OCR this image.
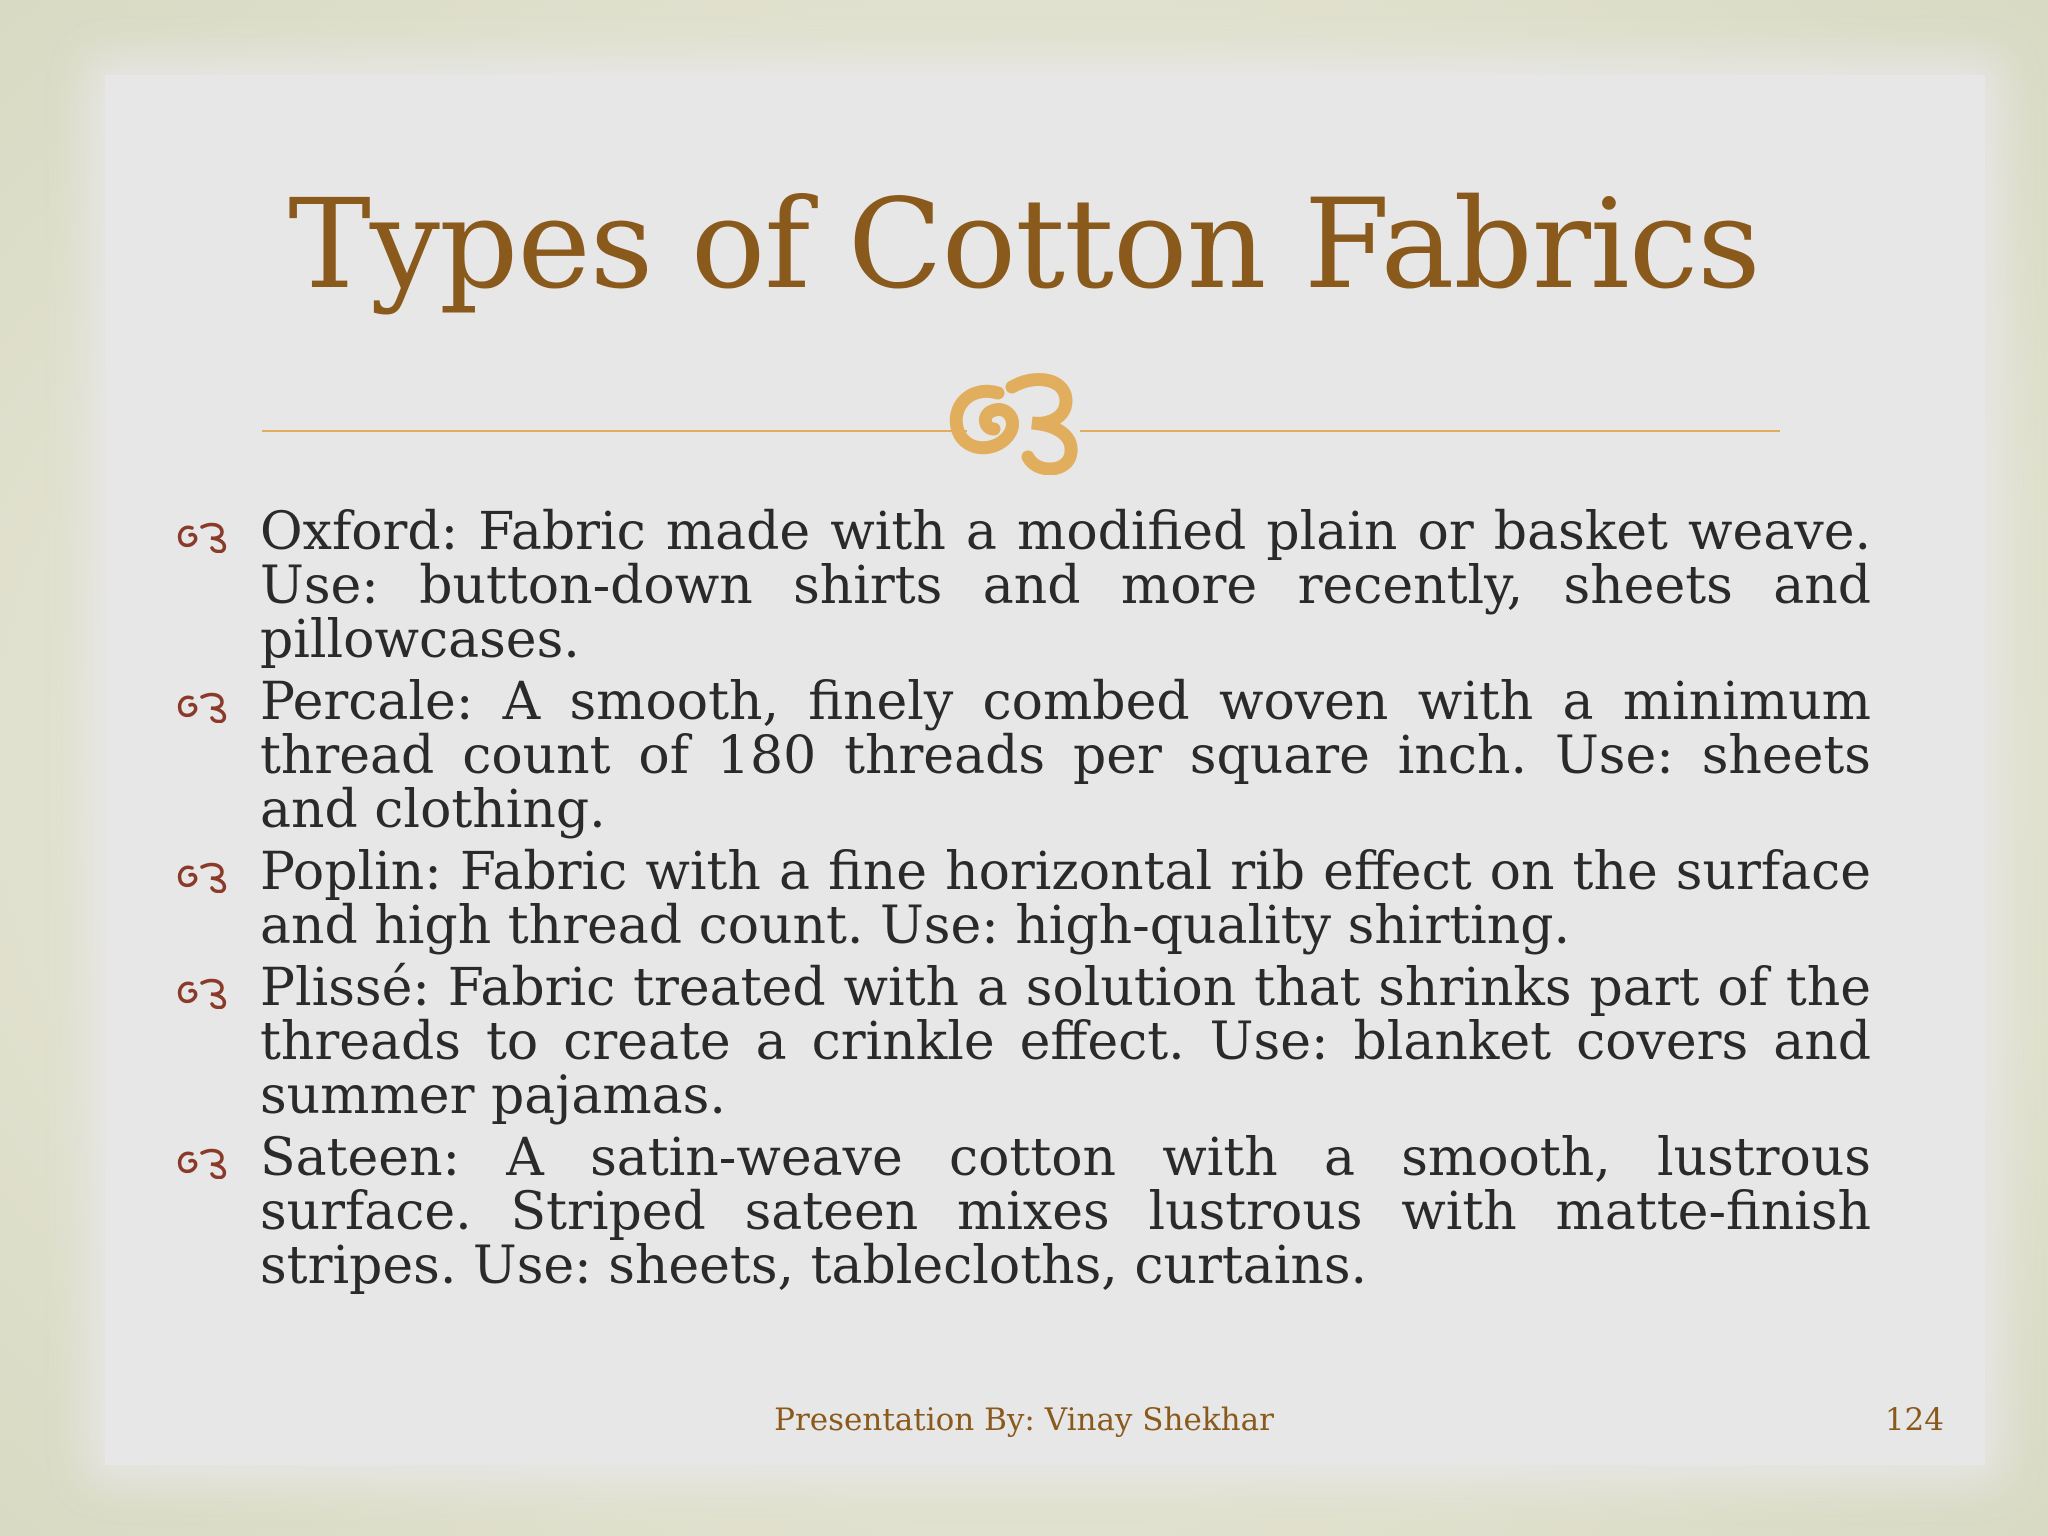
Types of Cotton Fabrics
Oxford: Fabric made with a modified plain or basket weave. Use: button-down shirts and more recently, sheets and pillowcases.
Percale: A smooth, finely combed woven with a minimum thread count of 180 threads per square inch. Use: sheets and clothing.
Poplin: Fabric with a fine horizontal rib effect on the surface and high thread count. Use: high-quality shirting.
Plissé: Fabric treated with a solution that shrinks part of the threads to create a crinkle effect. Use: blanket covers and summer pajamas.
Sateen: A satin-weave cotton with a smooth, lustrous surface. Striped sateen mixes lustrous with matte-finish stripes. Use: sheets, tablecloths, curtains.
Presentation By: Vinay Shekhar	124
